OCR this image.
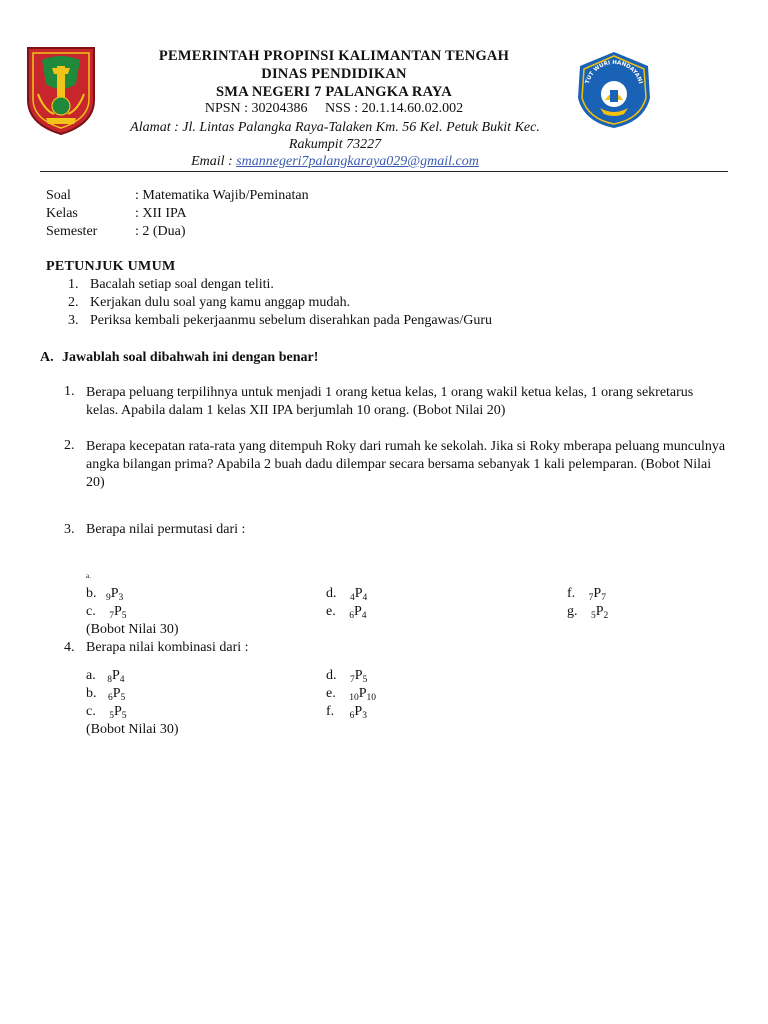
TUT WURI HANDAYANI
PEMERINTAH PROPINSI KALIMANTAN TENGAH
DINAS PENDIDIKAN
SMA NEGERI 7 PALANGKA RAYA
NPSN : 30204386     NSS : 20.1.14.60.02.002
Alamat : Jl. Lintas Palangka Raya-Talaken Km. 56 Kel. Petuk Bukit Kec.
Rakumpit 73227
Email : smannegeri7palangkaraya029@gmail.com
Soal	: Matematika Wajib/Peminatan
Kelas	: XII IPA
Semester	: 2 (Dua)
PETUNJUK UMUM
1. Bacalah setiap soal dengan teliti.
2. Kerjakan dulu soal yang kamu anggap mudah.
3. Periksa kembali pekerjaanmu sebelum diserahkan pada Pengawas/Guru
A. Jawablah soal dibahwah ini dengan benar!
1. Berapa peluang terpilihnya untuk menjadi 1 orang ketua kelas, 1 orang wakil ketua kelas, 1 orang sekretarus kelas. Apabila dalam 1 kelas XII IPA berjumlah 10 orang. (Bobot Nilai 20)
2. Berapa kecepatan rata-rata yang ditempuh Roky dari rumah ke sekolah. Jika si Roky mberapa peluang munculnya angka bilangan prima? Apabila 2 buah dadu dilempar secara bersama sebanyak 1 kali pelemparan. (Bobot Nilai 20)
3. Berapa nilai permutasi dari :
a.
b. $_9P_3$
c. $_7P_5$
d. $_4P_4$
e. $_6P_4$
f. $_7P_7$
g. $_5P_2$
(Bobot Nilai 30)
4. Berapa nilai kombinasi dari :
a. $_8P_4$
b. $_6P_5$
c. $_5P_5$
d. $_7P_5$
e. $_{10}P_{10}$
f. $_6P_3$
(Bobot Nilai 30)
